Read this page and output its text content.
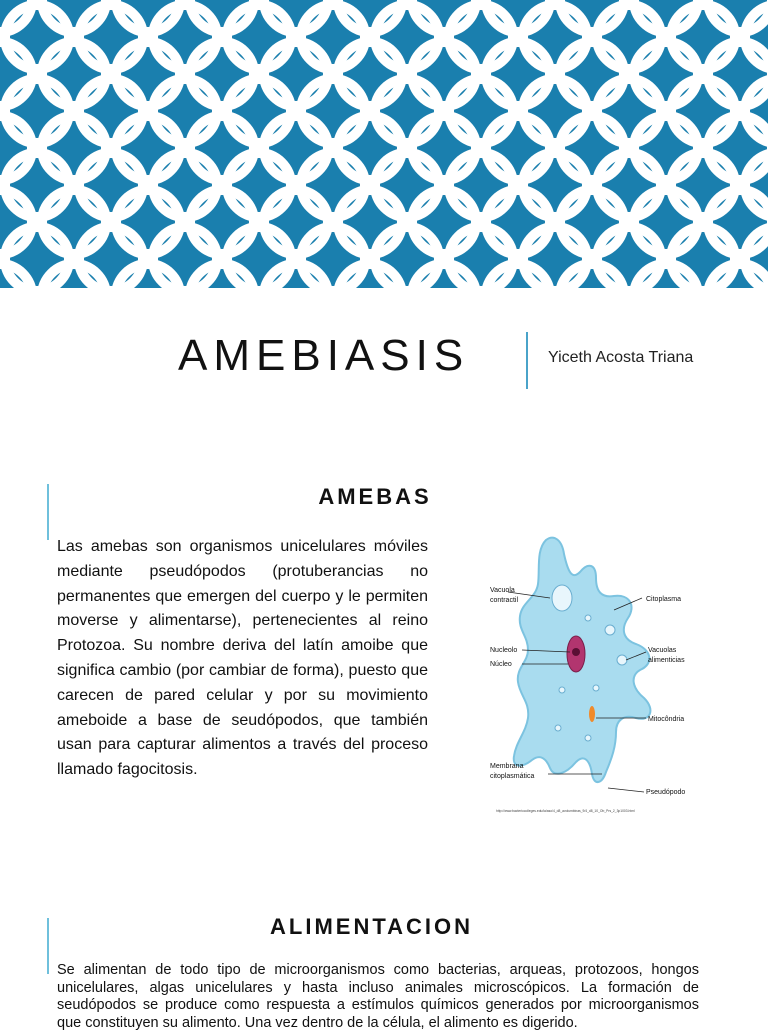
AMEBIASIS	Yiceth Acosta Triana
AMEBAS

Las amebas son organismos unicelulares móviles mediante pseudópodos (protuberancias no permanentes que emergen del cuerpo y le permiten moverse y alimentarse), pertenecientes al reino Protozoa. Su nombre deriva del latín amoibe que significa cambio (por cambiar de forma), puesto que carecen de pared celular y por su movimiento ameboide a base de seudópodos, que también usan para capturar alimentos a través del proceso llamado fagocitosis.

Vacuola
contractil	Citoplasma
Nucleolo
Núcleo
Vacuolas
alimenticias
Mitocôndria
Membrana
citoplasmática
Pseudópodo
http://www.bacteriocolleges.edu/ia/aso/4_d8_avolumbinas_9/4_d8_10_Ob_Prs_2_3p1003.html
ALIMENTACION

Se alimentan de todo tipo de microorganismos como bacterias, arqueas, protozoos, hongos unicelulares, algas unicelulares y hasta incluso animales microscópicos. La formación de seudópodos se produce como respuesta a estímulos químicos generados por microorganismos que constituyen su alimento. Una vez dentro de la célula, el alimento es digerido.
